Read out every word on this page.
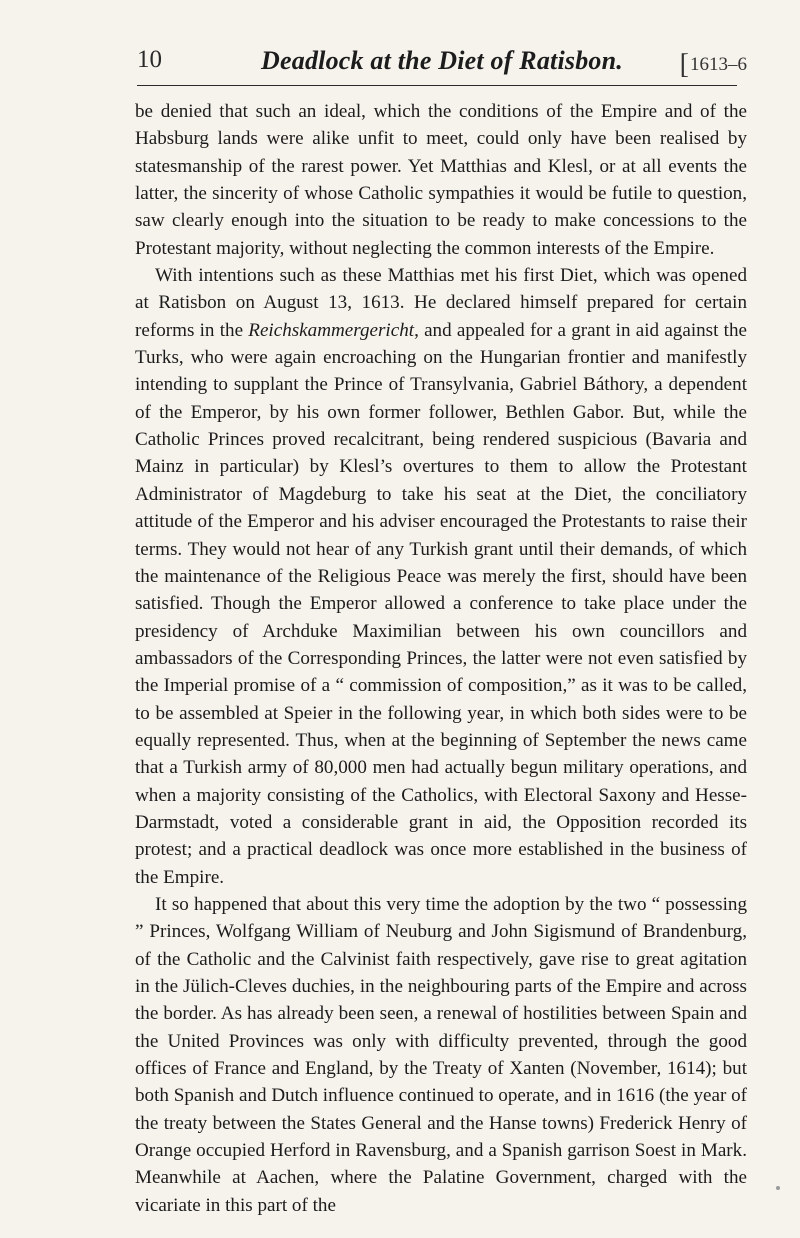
10	Deadlock at the Diet of Ratisbon.	[1613–6

be denied that such an ideal, which the conditions of the Empire and of the Habsburg lands were alike unfit to meet, could only have been realised by statesmanship of the rarest power. Yet Matthias and Klesl, or at all events the latter, the sincerity of whose Catholic sympathies it would be futile to question, saw clearly enough into the situation to be ready to make concessions to the Protestant majority, without neglecting the common interests of the Empire.

With intentions such as these Matthias met his first Diet, which was opened at Ratisbon on August 13, 1613. He declared himself prepared for certain reforms in the Reichskammergericht, and appealed for a grant in aid against the Turks, who were again encroaching on the Hungarian frontier and manifestly intending to supplant the Prince of Transylvania, Gabriel Báthory, a dependent of the Emperor, by his own former follower, Bethlen Gabor. But, while the Catholic Princes proved recalcitrant, being rendered suspicious (Bavaria and Mainz in particular) by Klesl’s overtures to them to allow the Protestant Administrator of Magdeburg to take his seat at the Diet, the conciliatory attitude of the Emperor and his adviser encouraged the Protestants to raise their terms. They would not hear of any Turkish grant until their demands, of which the maintenance of the Religious Peace was merely the first, should have been satisfied. Though the Emperor allowed a conference to take place under the presidency of Archduke Maximilian between his own councillors and ambassadors of the Corresponding Princes, the latter were not even satisfied by the Imperial promise of a “ commission of composition,” as it was to be called, to be assembled at Speier in the following year, in which both sides were to be equally represented. Thus, when at the beginning of September the news came that a Turkish army of 80,000 men had actually begun military operations, and when a majority consisting of the Catholics, with Electoral Saxony and Hesse-Darmstadt, voted a considerable grant in aid, the Opposition recorded its protest; and a practical deadlock was once more established in the business of the Empire.

It so happened that about this very time the adoption by the two “ possessing ” Princes, Wolfgang William of Neuburg and John Sigismund of Brandenburg, of the Catholic and the Calvinist faith respectively, gave rise to great agitation in the Jülich-Cleves duchies, in the neighbouring parts of the Empire and across the border. As has already been seen, a renewal of hostilities between Spain and the United Provinces was only with difficulty prevented, through the good offices of France and England, by the Treaty of Xanten (November, 1614); but both Spanish and Dutch influence continued to operate, and in 1616 (the year of the treaty between the States General and the Hanse towns) Frederick Henry of Orange occupied Herford in Ravensburg, and a Spanish garrison Soest in Mark. Meanwhile at Aachen, where the Palatine Government, charged with the vicariate in this part of the
